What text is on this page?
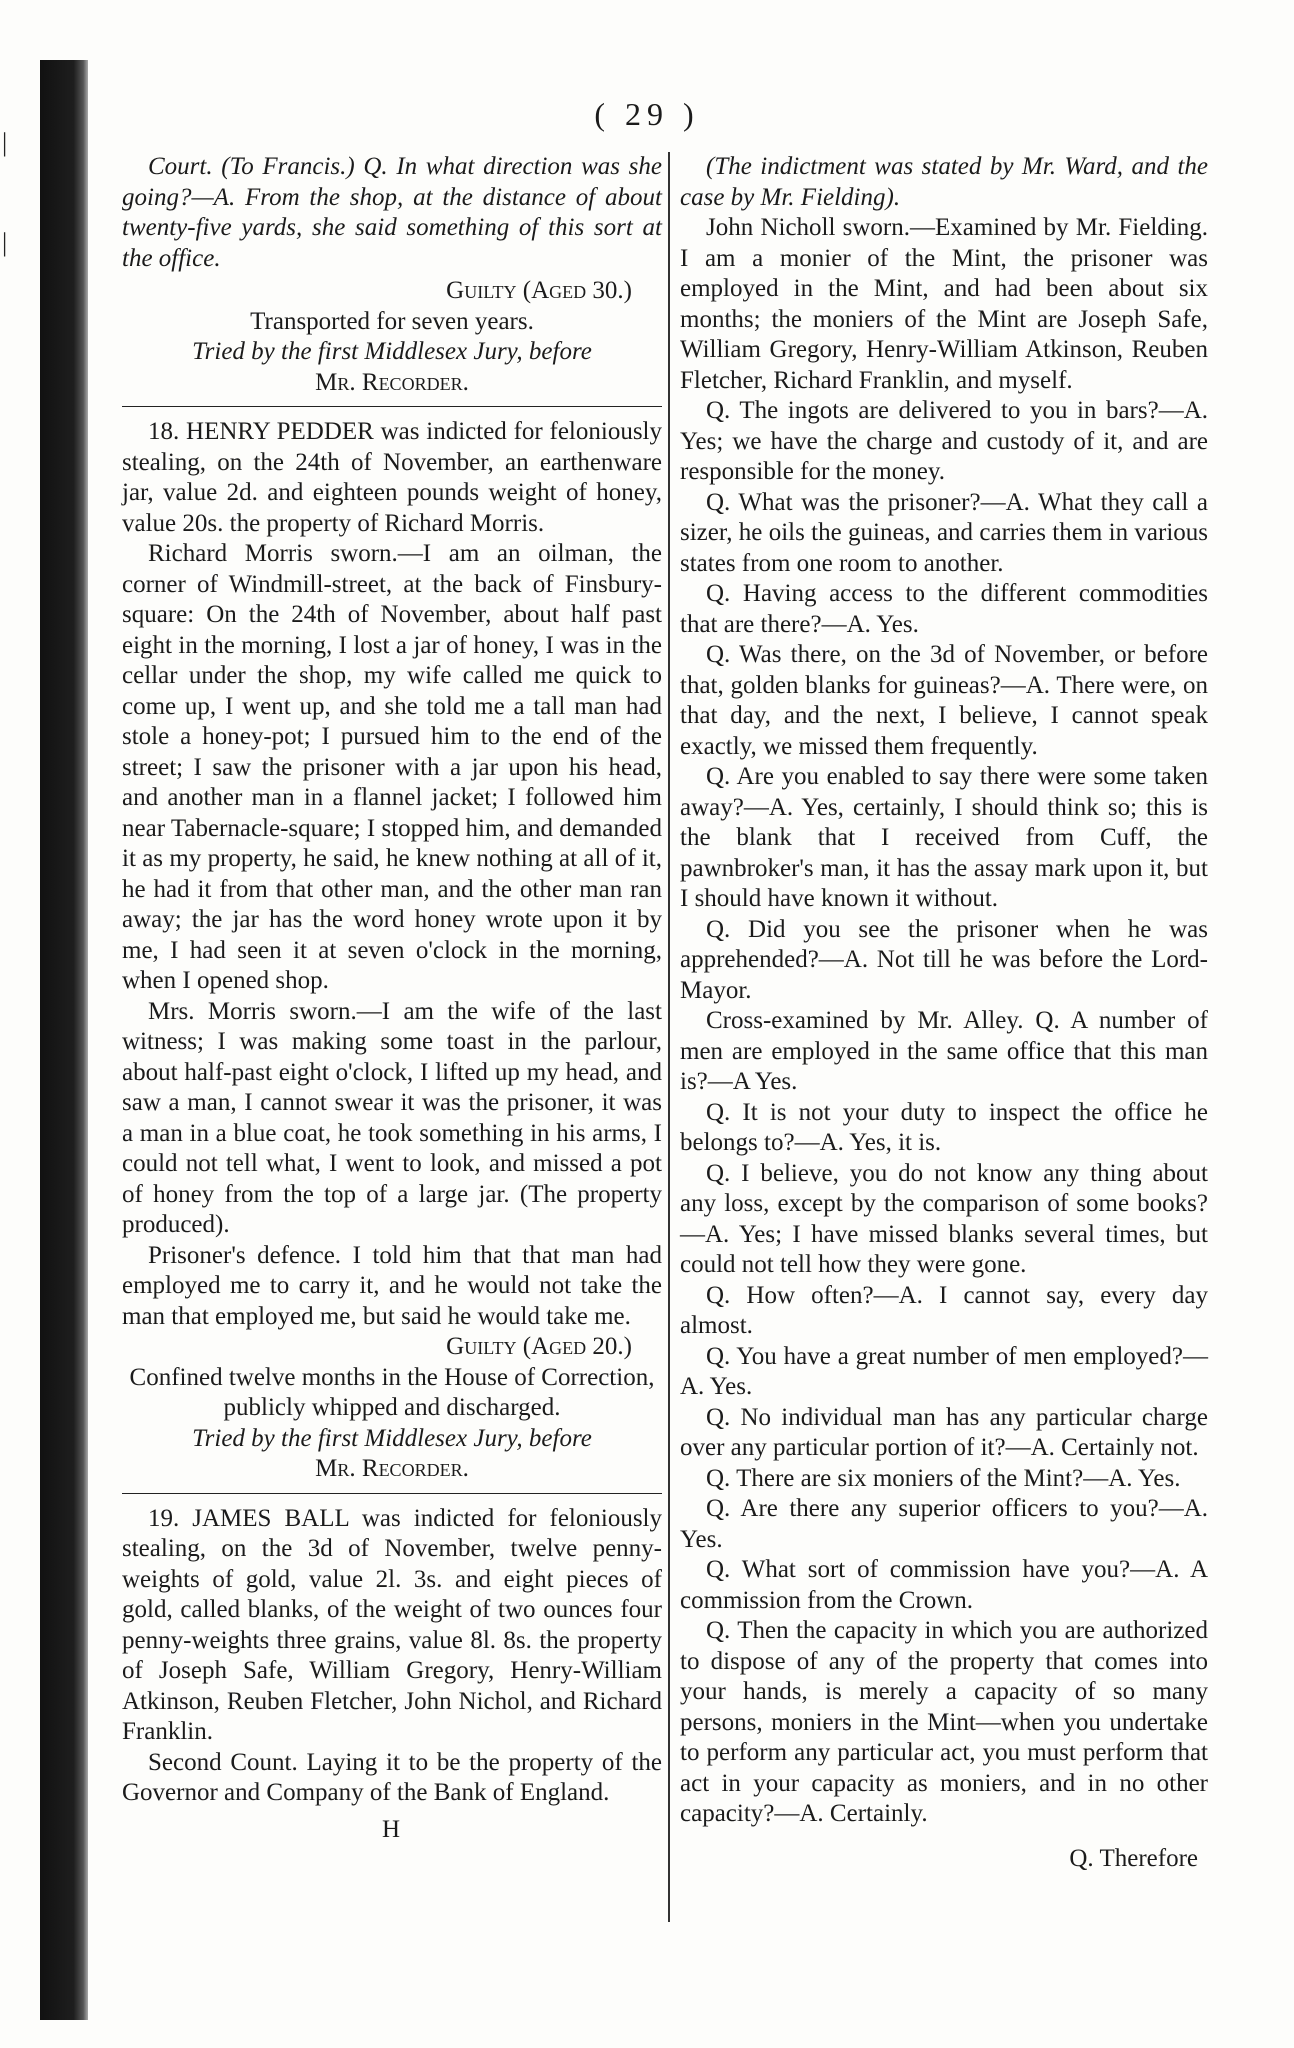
|
|
( 29 )

Court. (To Francis.) Q. In what direction was she going?—A. From the shop, at the distance of about twenty-five yards, she said something of this sort at the office.

Guilty (Aged 30.)

Transported for seven years.

Tried by the first Middlesex Jury, before

Mr. Recorder.

18. HENRY PEDDER was indicted for feloniously stealing, on the 24th of November, an earthenware jar, value 2d. and eighteen pounds weight of honey, value 20s. the property of Richard Morris.

Richard Morris sworn.—I am an oilman, the corner of Windmill-street, at the back of Finsbury-square: On the 24th of November, about half past eight in the morning, I lost a jar of honey, I was in the cellar under the shop, my wife called me quick to come up, I went up, and she told me a tall man had stole a honey-pot; I pursued him to the end of the street; I saw the prisoner with a jar upon his head, and another man in a flannel jacket; I followed him near Tabernacle-square; I stopped him, and demanded it as my property, he said, he knew nothing at all of it, he had it from that other man, and the other man ran away; the jar has the word honey wrote upon it by me, I had seen it at seven o'clock in the morning, when I opened shop.

Mrs. Morris sworn.—I am the wife of the last witness; I was making some toast in the parlour, about half-past eight o'clock, I lifted up my head, and saw a man, I cannot swear it was the prisoner, it was a man in a blue coat, he took something in his arms, I could not tell what, I went to look, and missed a pot of honey from the top of a large jar. (The property produced).

Prisoner's defence. I told him that that man had employed me to carry it, and he would not take the man that employed me, but said he would take me.

Guilty (Aged 20.)

Confined twelve months in the House of Correction, publicly whipped and discharged.

Tried by the first Middlesex Jury, before

Mr. Recorder.

19. JAMES BALL was indicted for feloniously stealing, on the 3d of November, twelve penny-weights of gold, value 2l. 3s. and eight pieces of gold, called blanks, of the weight of two ounces four penny-weights three grains, value 8l. 8s. the property of Joseph Safe, William Gregory, Henry-William Atkinson, Reuben Fletcher, John Nichol, and Richard Franklin.

Second Count. Laying it to be the property of the Governor and Company of the Bank of England.

H

(The indictment was stated by Mr. Ward, and the case by Mr. Fielding).

John Nicholl sworn.—Examined by Mr. Fielding. I am a monier of the Mint, the prisoner was employed in the Mint, and had been about six months; the moniers of the Mint are Joseph Safe, William Gregory, Henry-William Atkinson, Reuben Fletcher, Richard Franklin, and myself.

Q. The ingots are delivered to you in bars?—A. Yes; we have the charge and custody of it, and are responsible for the money.

Q. What was the prisoner?—A. What they call a sizer, he oils the guineas, and carries them in various states from one room to another.

Q. Having access to the different commodities that are there?—A. Yes.

Q. Was there, on the 3d of November, or before that, golden blanks for guineas?—A. There were, on that day, and the next, I believe, I cannot speak exactly, we missed them frequently.

Q. Are you enabled to say there were some taken away?—A. Yes, certainly, I should think so; this is the blank that I received from Cuff, the pawnbroker's man, it has the assay mark upon it, but I should have known it without.

Q. Did you see the prisoner when he was apprehended?—A. Not till he was before the Lord-Mayor.

Cross-examined by Mr. Alley. Q. A number of men are employed in the same office that this man is?—A Yes.

Q. It is not your duty to inspect the office he belongs to?—A. Yes, it is.

Q. I believe, you do not know any thing about any loss, except by the comparison of some books?—A. Yes; I have missed blanks several times, but could not tell how they were gone.

Q. How often?—A. I cannot say, every day almost.

Q. You have a great number of men employed?—A. Yes.

Q. No individual man has any particular charge over any particular portion of it?—A. Certainly not.

Q. There are six moniers of the Mint?—A. Yes.

Q. Are there any superior officers to you?—A. Yes.

Q. What sort of commission have you?—A. A commission from the Crown.

Q. Then the capacity in which you are authorized to dispose of any of the property that comes into your hands, is merely a capacity of so many persons, moniers in the Mint—when you undertake to perform any particular act, you must perform that act in your capacity as moniers, and in no other capacity?—A. Certainly.

Q. Therefore
